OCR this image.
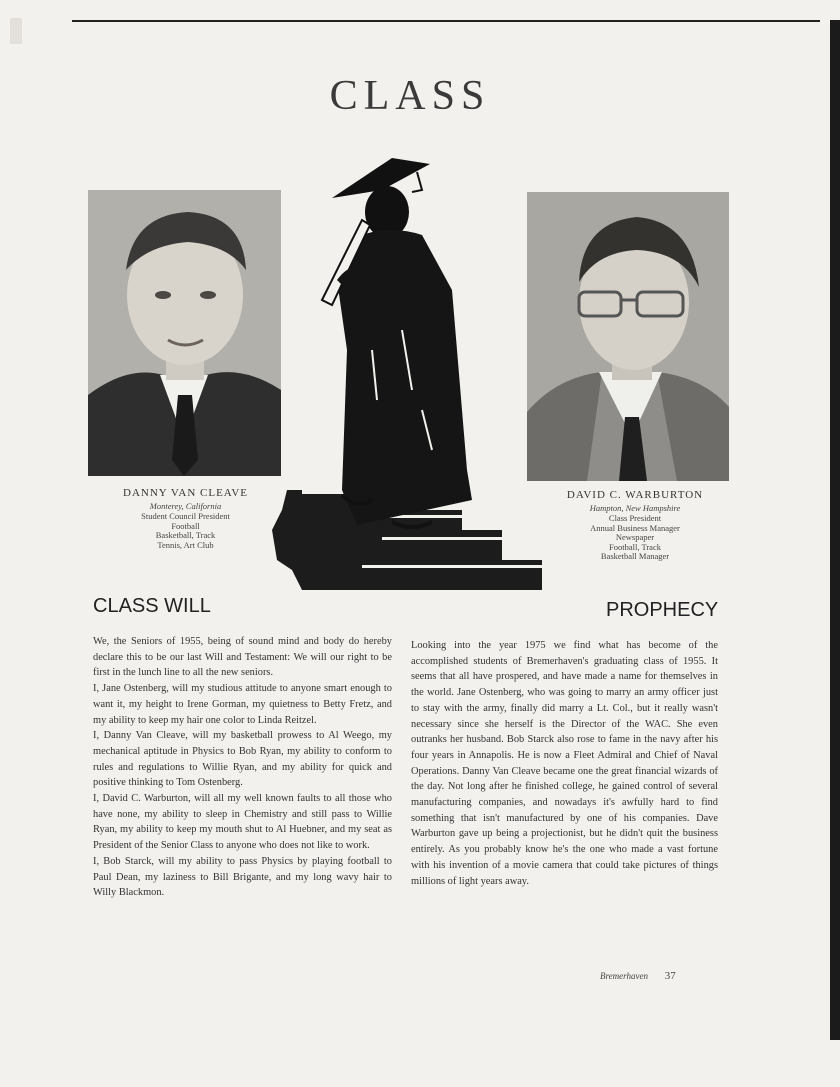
CLASS
DANNY VAN CLEAVE
Monterey, California
Student Council President
Football
Basketball, Track
Tennis, Art Club
DAVID C. WARBURTON
Hampton, New Hampshire
Class President
Annual Business Manager
Newspaper
Football, Track
Basketball Manager
CLASS WILL	PROPHECY

We, the Seniors of 1955, being of sound mind and body do hereby declare this to be our last Will and Testament: We will our right to be first in the lunch line to all the new seniors.

I, Jane Ostenberg, will my studious attitude to anyone smart enough to want it, my height to Irene Gorman, my quietness to Betty Fretz, and my ability to keep my hair one color to Linda Reitzel.

I, Danny Van Cleave, will my basketball prowess to Al Weego, my mechanical aptitude in Physics to Bob Ryan, my ability to conform to rules and regulations to Willie Ryan, and my ability for quick and positive thinking to Tom Ostenberg.

I, David C. Warburton, will all my well known faults to all those who have none, my ability to sleep in Chemistry and still pass to Willie Ryan, my ability to keep my mouth shut to Al Huebner, and my seat as President of the Senior Class to anyone who does not like to work.

I, Bob Starck, will my ability to pass Physics by playing football to Paul Dean, my laziness to Bill Brigante, and my long wavy hair to Willy Blackmon.

Looking into the year 1975 we find what has become of the accomplished students of Bremerhaven's graduating class of 1955. It seems that all have prospered, and have made a name for themselves in the world. Jane Ostenberg, who was going to marry an army officer just to stay with the army, finally did marry a Lt. Col., but it really wasn't necessary since she herself is the Director of the WAC. She even outranks her husband. Bob Starck also rose to fame in the navy after his four years in Annapolis. He is now a Fleet Admiral and Chief of Naval Operations. Danny Van Cleave became one the great financial wizards of the day. Not long after he finished college, he gained control of several manufacturing companies, and nowadays it's awfully hard to find something that isn't manufactured by one of his companies. Dave Warburton gave up being a projectionist, but he didn't quit the business entirely. As you probably know he's the one who made a vast fortune with his invention of a movie camera that could take pictures of things millions of light years away.

Bremerhaven 37
